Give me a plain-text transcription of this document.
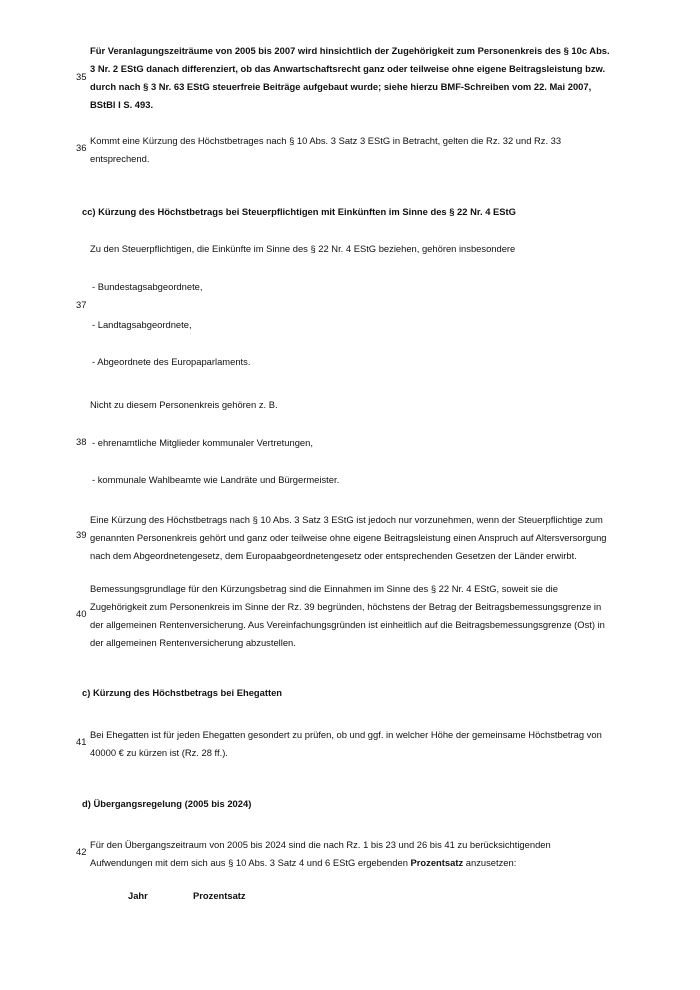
35
Für Veranlagungszeiträume von 2005 bis 2007 wird hinsichtlich der Zugehörigkeit zum Personenkreis des § 10c Abs. 3 Nr. 2 EStG danach differenziert, ob das Anwartschaftsrecht ganz oder teilweise ohne eigene Beitragsleistung bzw. durch nach § 3 Nr. 63 EStG steuerfreie Beiträge aufgebaut wurde; siehe hierzu BMF-Schreiben vom 22. Mai 2007, BStBl I S. 493.
36
Kommt eine Kürzung des Höchstbetrages nach § 10 Abs. 3 Satz 3 EStG in Betracht, gelten die Rz. 32 und Rz. 33 entsprechend.
cc) Kürzung des Höchstbetrags bei Steuerpflichtigen mit Einkünften im Sinne des § 22 Nr. 4 EStG
Zu den Steuerpflichtigen, die Einkünfte im Sinne des § 22 Nr. 4 EStG beziehen, gehören insbesondere
- Bundestagsabgeordnete,
37
- Landtagsabgeordnete,
- Abgeordnete des Europaparlaments.
Nicht zu diesem Personenkreis gehören z. B.
38 - ehrenamtliche Mitglieder kommunaler Vertretungen,
- kommunale Wahlbeamte wie Landräte und Bürgermeister.
39
Eine Kürzung des Höchstbetrags nach § 10 Abs. 3 Satz 3 EStG ist jedoch nur vorzunehmen, wenn der Steuerpflichtige zum genannten Personenkreis gehört und ganz oder teilweise ohne eigene Beitragsleistung einen Anspruch auf Altersversorgung nach dem Abgeordnetengesetz, dem Europaabgeordnetengesetz oder entsprechenden Gesetzen der Länder erwirbt.
40
Bemessungsgrundlage für den Kürzungsbetrag sind die Einnahmen im Sinne des § 22 Nr. 4 EStG, soweit sie die Zugehörigkeit zum Personenkreis im Sinne der Rz. 39 begründen, höchstens der Betrag der Beitragsbemessungsgrenze in der allgemeinen Rentenversicherung. Aus Vereinfachungsgründen ist einheitlich auf die Beitragsbemessungsgrenze (Ost) in der allgemeinen Rentenversicherung abzustellen.
c) Kürzung des Höchstbetrags bei Ehegatten
41
Bei Ehegatten ist für jeden Ehegatten gesondert zu prüfen, ob und ggf. in welcher Höhe der gemeinsame Höchstbetrag von 40000 € zu kürzen ist (Rz. 28 ff.).
d) Übergangsregelung (2005 bis 2024)
42
Für den Übergangszeitraum von 2005 bis 2024 sind die nach Rz. 1 bis 23 und 26 bis 41 zu berücksichtigenden Aufwendungen mit dem sich aus § 10 Abs. 3 Satz 4 und 6 EStG ergebenden Prozentsatz anzusetzen:
Jahr	Prozentsatz
